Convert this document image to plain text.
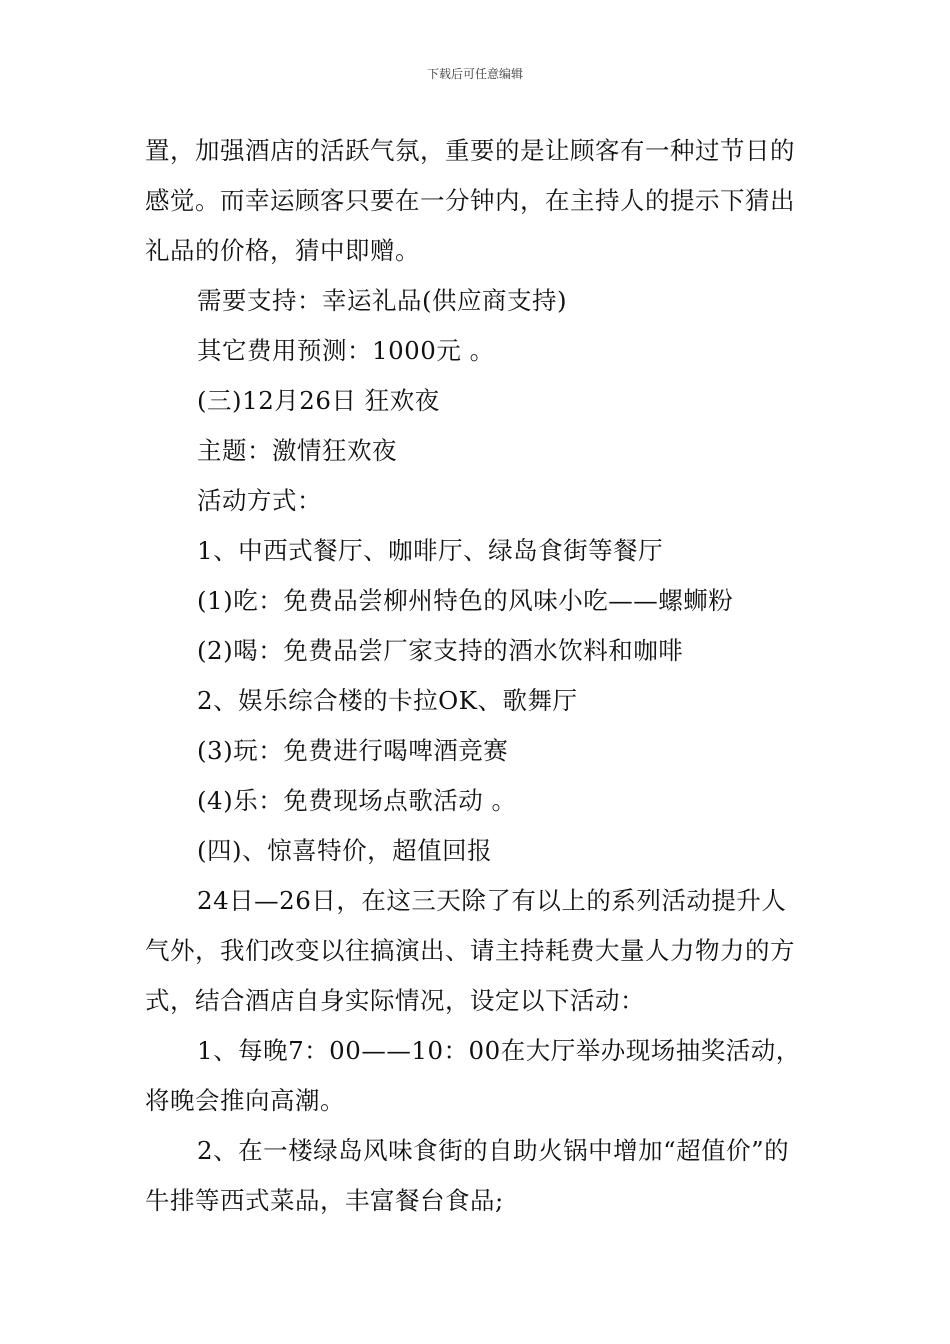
下载后可任意编辑

置，加强酒店的活跃气氛，重要的是让顾客有一种过节日的感觉。而幸运顾客只要在一分钟内，在主持人的提示下猜出礼品的价格，猜中即赠。

需要支持：幸运礼品(供应商支持)

其它费用预测：1000元 。

(三)12月26日 狂欢夜

主题：激情狂欢夜

活动方式：

1、中西式餐厅、咖啡厅、绿岛食街等餐厅

(1)吃：免费品尝柳州特色的风味小吃——螺蛳粉

(2)喝：免费品尝厂家支持的酒水饮料和咖啡

2、娱乐综合楼的卡拉OK、歌舞厅

(3)玩：免费进行喝啤酒竞赛

(4)乐：免费现场点歌活动 。

(四)、惊喜特价，超值回报

24日—26日，在这三天除了有以上的系列活动提升人气外，我们改变以往搞演出、请主持耗费大量人力物力的方式，结合酒店自身实际情况，设定以下活动：

1、每晚7：00——10：00在大厅举办现场抽奖活动，将晚会推向高潮。

2、在一楼绿岛风味食街的自助火锅中增加“超值价”的牛排等西式菜品，丰富餐台食品;
